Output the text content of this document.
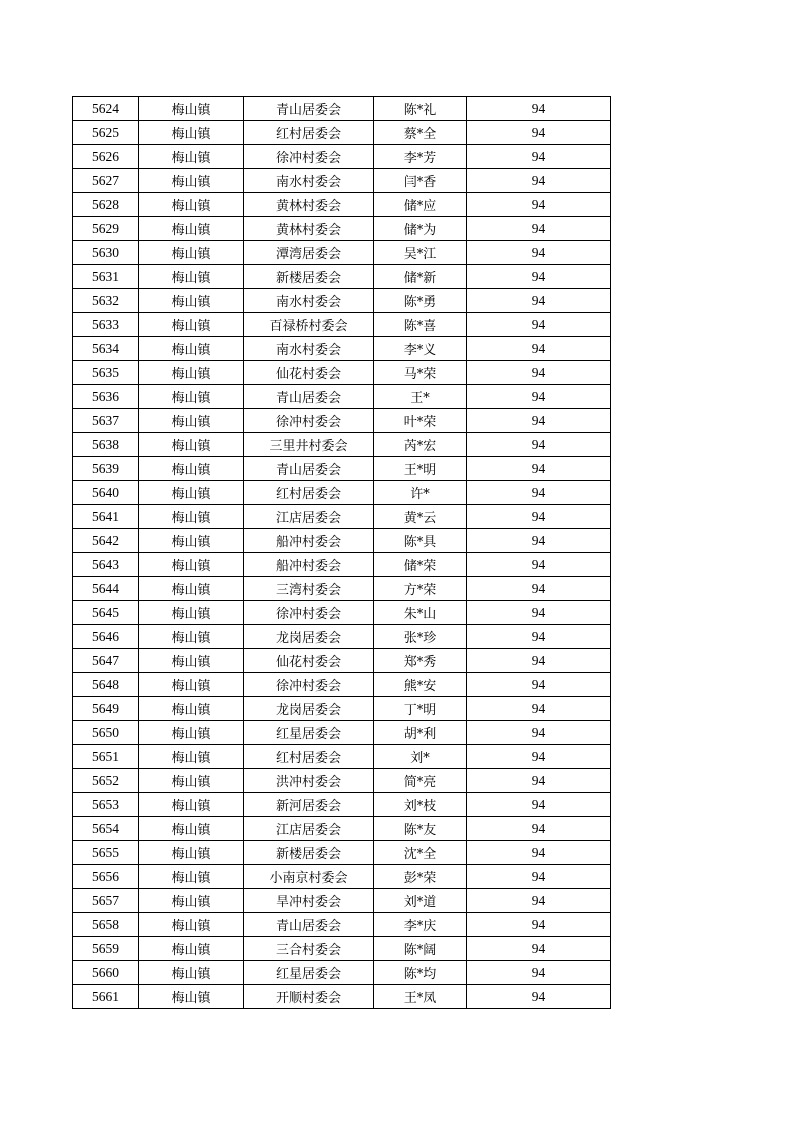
5624	梅山镇	青山居委会	陈*礼	94
5625	梅山镇	红村居委会	蔡*全	94
5626	梅山镇	徐冲村委会	李*芳	94
5627	梅山镇	南水村委会	闫*香	94
5628	梅山镇	黄林村委会	储*应	94
5629	梅山镇	黄林村委会	储*为	94
5630	梅山镇	潭湾居委会	吴*江	94
5631	梅山镇	新楼居委会	储*新	94
5632	梅山镇	南水村委会	陈*勇	94
5633	梅山镇	百禄桥村委会	陈*喜	94
5634	梅山镇	南水村委会	李*义	94
5635	梅山镇	仙花村委会	马*荣	94
5636	梅山镇	青山居委会	王*	94
5637	梅山镇	徐冲村委会	叶*荣	94
5638	梅山镇	三里井村委会	芮*宏	94
5639	梅山镇	青山居委会	王*明	94
5640	梅山镇	红村居委会	许*	94
5641	梅山镇	江店居委会	黄*云	94
5642	梅山镇	船冲村委会	陈*具	94
5643	梅山镇	船冲村委会	储*荣	94
5644	梅山镇	三湾村委会	方*荣	94
5645	梅山镇	徐冲村委会	朱*山	94
5646	梅山镇	龙岗居委会	张*珍	94
5647	梅山镇	仙花村委会	郑*秀	94
5648	梅山镇	徐冲村委会	熊*安	94
5649	梅山镇	龙岗居委会	丁*明	94
5650	梅山镇	红星居委会	胡*利	94
5651	梅山镇	红村居委会	刘*	94
5652	梅山镇	洪冲村委会	简*亮	94
5653	梅山镇	新河居委会	刘*枝	94
5654	梅山镇	江店居委会	陈*友	94
5655	梅山镇	新楼居委会	沈*全	94
5656	梅山镇	小南京村委会	彭*荣	94
5657	梅山镇	旱冲村委会	刘*道	94
5658	梅山镇	青山居委会	李*庆	94
5659	梅山镇	三合村委会	陈*阔	94
5660	梅山镇	红星居委会	陈*均	94
5661	梅山镇	开顺村委会	王*凤	94
